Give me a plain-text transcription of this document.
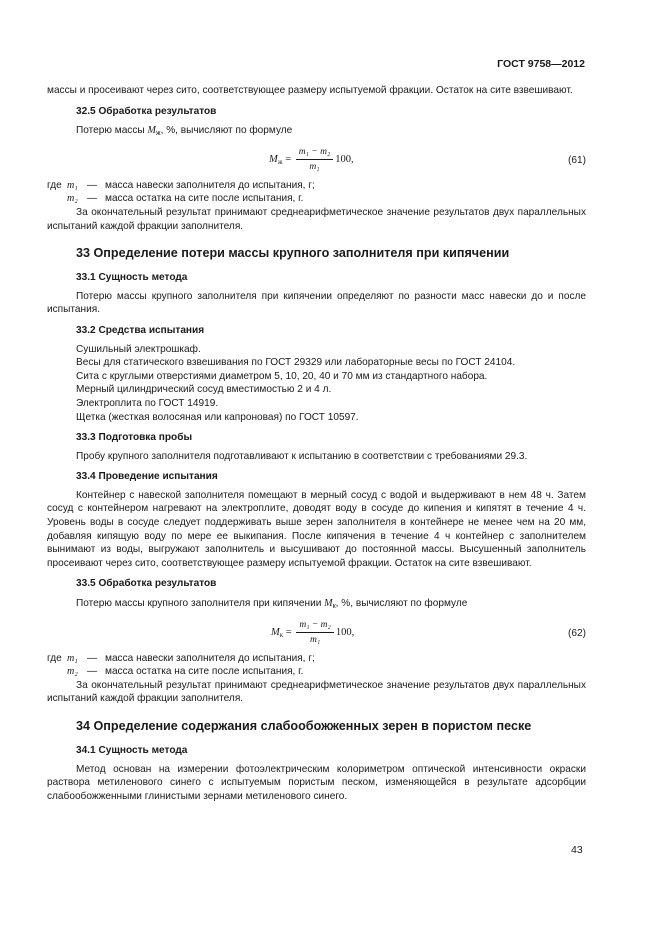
ГОСТ 9758—2012

массы и просеивают через сито, соответствующее размеру испытуемой фракции. Остаток на сите взвешивают.

32.5 Обработка результатов

Потерю массы Mж, %, вычисляют по формуле

Mж = $\frac{\text{m₁ − m₂}}{\text{m₁}} 100$,	(61)
где m₁ — масса навески заполнителя до испытания, г;
m₂ — масса остатка на сите после испытания, г.

За окончательный результат принимают среднеарифметическое значение результатов двух параллельных испытаний каждой фракции заполнителя.

33 Определение потери массы крупного заполнителя при кипячении

33.1 Сущность метода

Потерю массы крупного заполнителя при кипячении определяют по разности масс навески до и после испытания.

33.2 Средства испытания

Сушильный электрошкаф.

Весы для статического взвешивания по ГОСТ 29329 или лабораторные весы по ГОСТ 24104.

Сита с круглыми отверстиями диаметром 5, 10, 20, 40 и 70 мм из стандартного набора.

Мерный цилиндрический сосуд вместимостью 2 и 4 л.

Электроплита по ГОСТ 14919.

Щетка (жесткая волосяная или капроновая) по ГОСТ 10597.

33.3 Подготовка пробы

Пробу крупного заполнителя подготавливают к испытанию в соответствии с требованиями 29.3.

33.4 Проведение испытания

Контейнер с навеской заполнителя помещают в мерный сосуд с водой и выдерживают в нем 48 ч. Затем сосуд с контейнером нагревают на электроплите, доводят воду в сосуде до кипения и кипятят в течение 4 ч. Уровень воды в сосуде следует поддерживать выше зерен заполнителя в контейнере не менее чем на 20 мм, добавляя кипящую воду по мере ее выкипания. После кипячения в течение 4 ч контейнер с заполнителем вынимают из воды, выгружают заполнитель и высушивают до постоянной массы. Высушенный заполнитель просеивают через сито, соответствующее размеру испытуемой фракции. Остаток на сите взвешивают.

33.5 Обработка результатов

Потерю массы крупного заполнителя при кипячении Mк, %, вычисляют по формуле

Mк = $\frac{\text{m₁ − m₂}}{\text{m₁}} 100$,	(62)
где m₁ — масса навески заполнителя до испытания, г;
m₂ — масса остатка на сите после испытания, г.

За окончательный результат принимают среднеарифметическое значение результатов двух параллельных испытаний каждой фракции заполнителя.

34 Определение содержания слабообожженных зерен в пористом песке

34.1 Сущность метода

Метод основан на измерении фотоэлектрическим колориметром оптической интенсивности окраски раствора метиленового синего с испытуемым пористым песком, изменяющейся в результате адсорбции слабообожженными глинистыми зернами метиленового синего.

43
